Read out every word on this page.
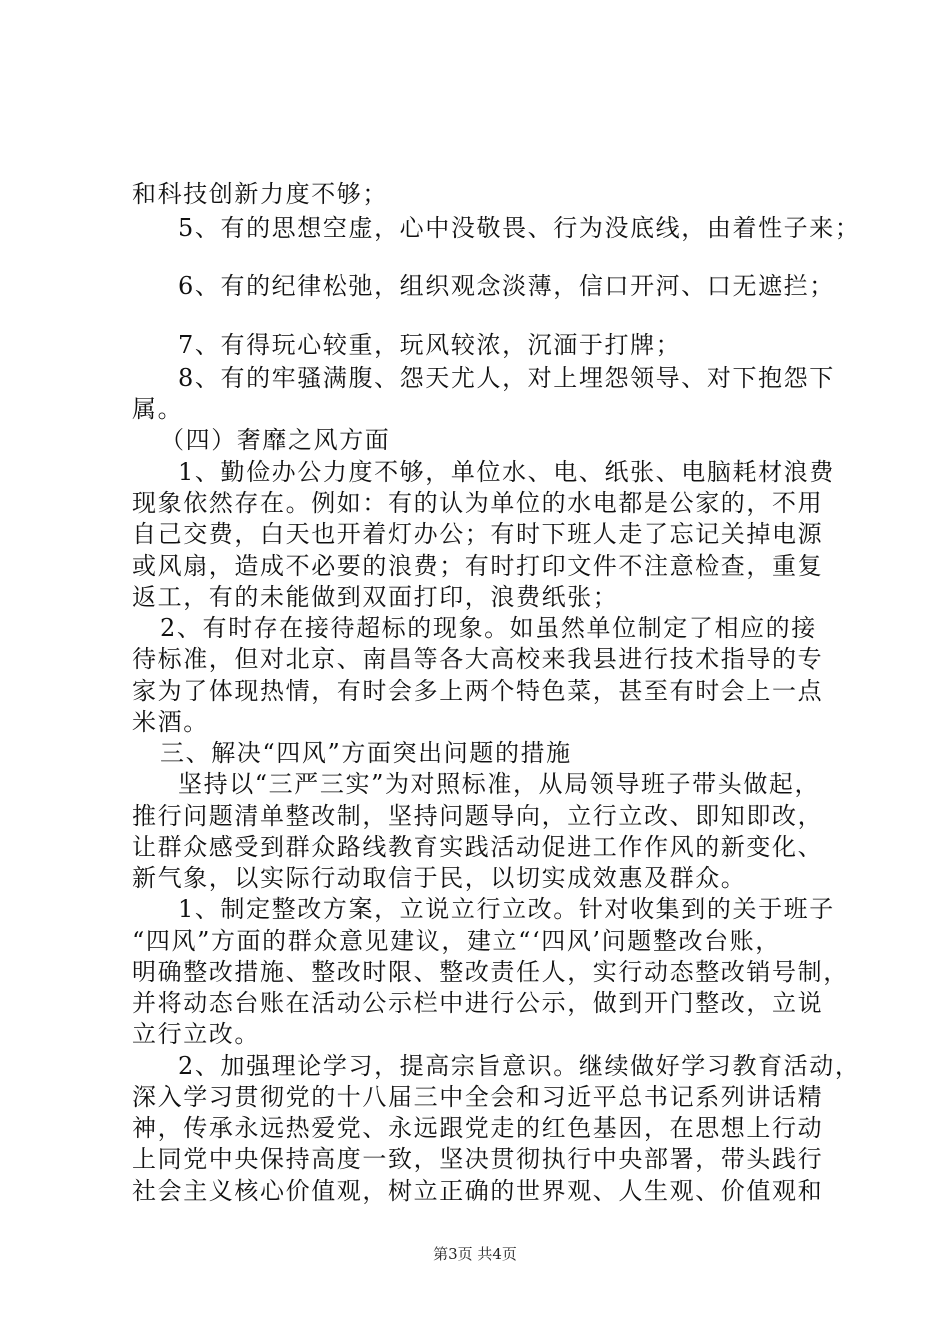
和科技创新力度不够；
5、有的思想空虚，心中没敬畏、行为没底线，由着性子来；
6、有的纪律松弛，组织观念淡薄，信口开河、口无遮拦；
7、有得玩心较重，玩风较浓，沉湎于打牌；
8、有的牢骚满腹、怨天尤人，对上埋怨领导、对下抱怨下
属。
（四）奢靡之风方面
1、勤俭办公力度不够，单位水、电、纸张、电脑耗材浪费
现象依然存在。例如：有的认为单位的水电都是公家的，不用
自己交费，白天也开着灯办公；有时下班人走了忘记关掉电源
或风扇，造成不必要的浪费；有时打印文件不注意检查，重复
返工，有的未能做到双面打印，浪费纸张；
2、有时存在接待超标的现象。如虽然单位制定了相应的接
待标准，但对北京、南昌等各大高校来我县进行技术指导的专
家为了体现热情，有时会多上两个特色菜，甚至有时会上一点
米酒。
三、解决“四风”方面突出问题的措施
坚持以“三严三实”为对照标准，从局领导班子带头做起，
推行问题清单整改制，坚持问题导向，立行立改、即知即改，
让群众感受到群众路线教育实践活动促进工作作风的新变化、
新气象，以实际行动取信于民，以切实成效惠及群众。
1、制定整改方案，立说立行立改。针对收集到的关于班子
“四风”方面的群众意见建议，建立“‘四风’问题整改台账，
明确整改措施、整改时限、整改责任人，实行动态整改销号制，
并将动态台账在活动公示栏中进行公示，做到开门整改，立说
立行立改。
2、加强理论学习，提高宗旨意识。继续做好学习教育活动，
深入学习贯彻党的十八届三中全会和习近平总书记系列讲话精
神，传承永远热爱党、永远跟党走的红色基因，在思想上行动
上同党中央保持高度一致，坚决贯彻执行中央部署，带头践行
社会主义核心价值观，树立正确的世界观、人生观、价值观和
第3页 共4页
